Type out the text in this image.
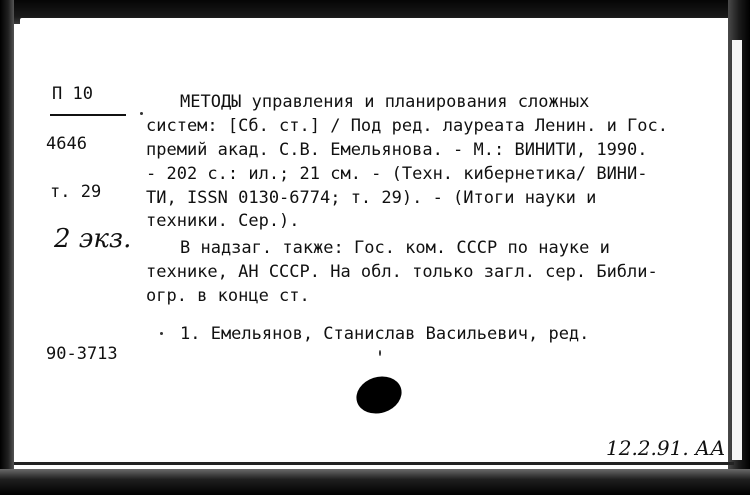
П 10
4646
т. 29
2 экз.
90-3713
МЕТОДЫ управления и планирования сложных
систем: [Сб. ст.] / Под ред. лауреата Ленин. и Гос.
премий акад. С.В. Емельянова. - М.: ВИНИТИ, 1990.
- 202 с.: ил.; 21 см. - (Техн. кибернетика/ ВИНИ-
ТИ, ISSN 0130-6774; т. 29). - (Итоги науки и
техники. Сер.).
В надзаг. также: Гос. ком. СССР по науке и
технике, АН СССР. На обл. только загл. сер. Библи-
огр. в конце ст.
1. Емельянов, Станислав Васильевич, ред.
12.2.91. АА
